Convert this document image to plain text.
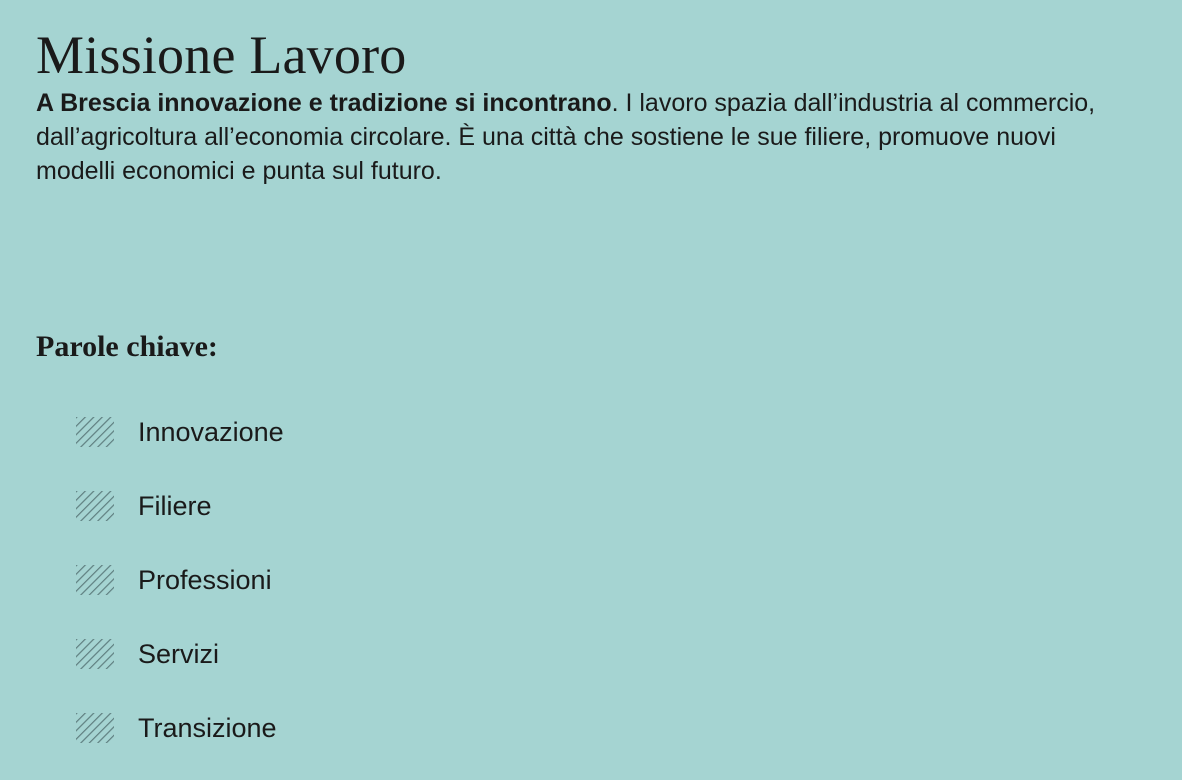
Missione Lavoro

A Brescia innovazione e tradizione si incontrano. I lavoro spazia dall’industria al commercio, dall’agricoltura all’economia circolare. È una città che sostiene le sue filiere, promuove nuovi modelli economici e punta sul futuro.

Parole chiave:
Innovazione
Filiere
Professioni
Servizi
Transizione
